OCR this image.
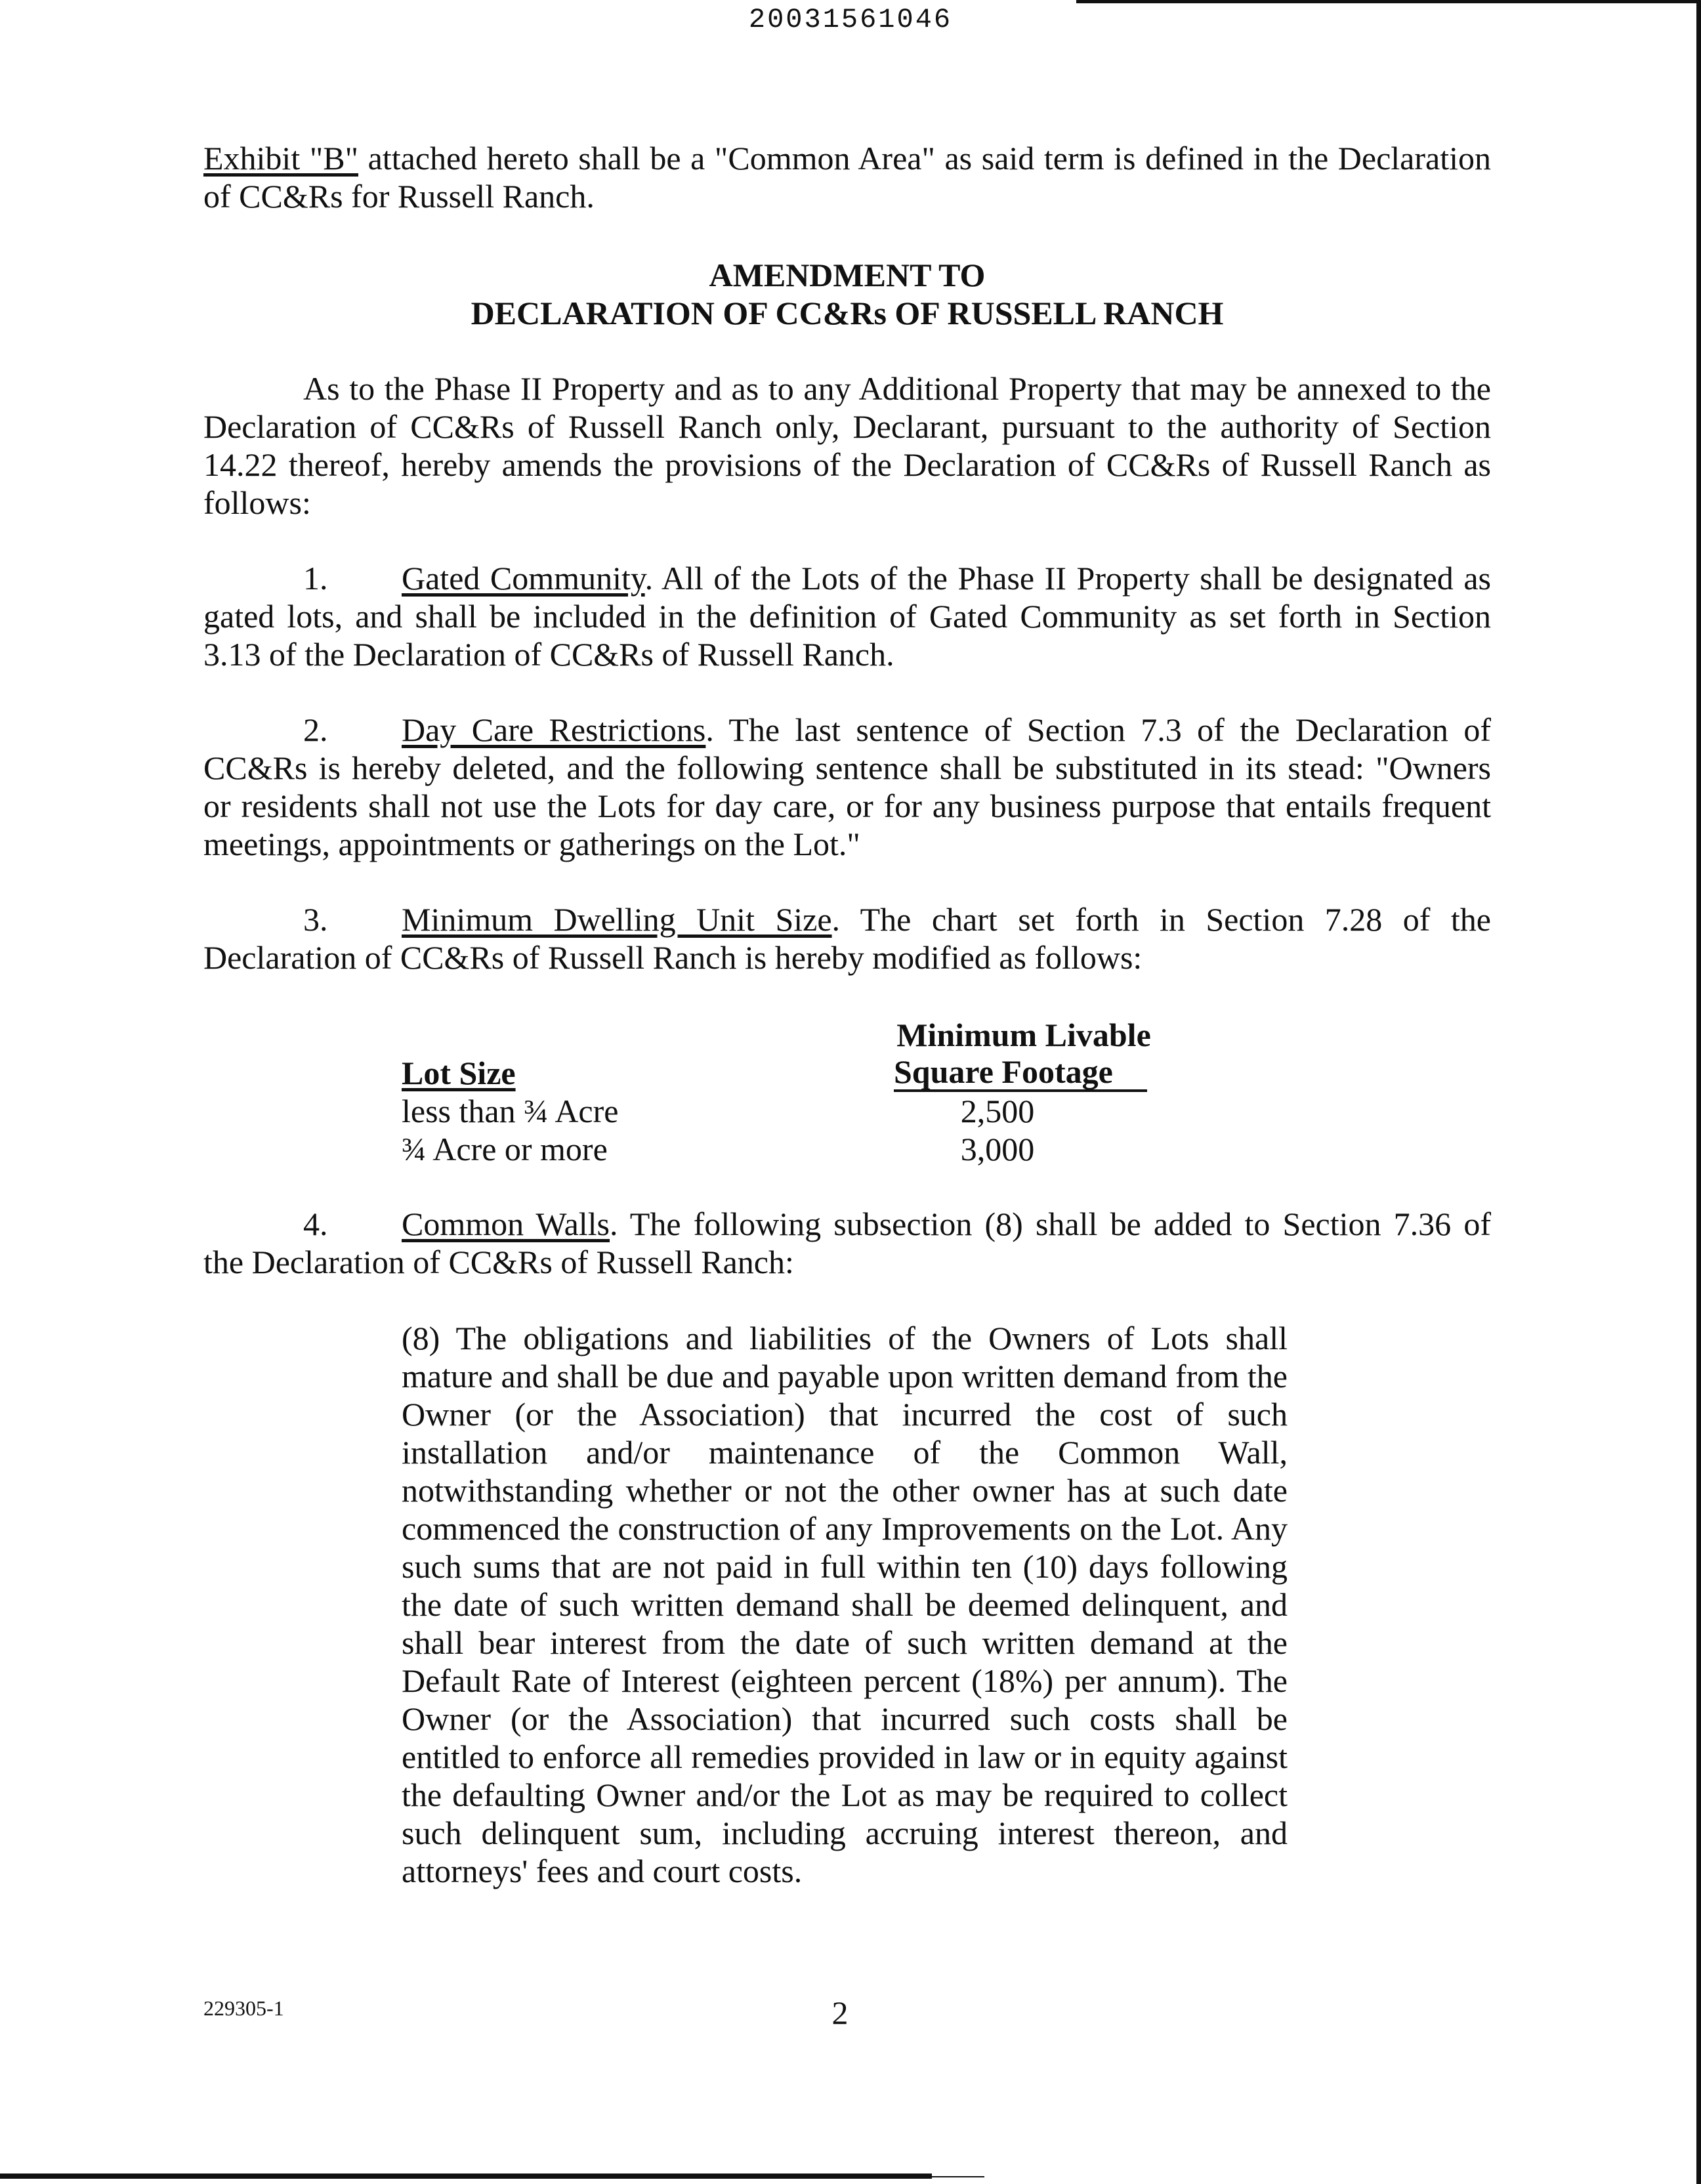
20031561046
Exhibit "B" attached hereto shall be a "Common Area" as said term is defined in the Declaration
of CC&Rs for Russell Ranch.
AMENDMENT TO
DECLARATION OF CC&Rs OF RUSSELL RANCH
As to the Phase II Property and as to any Additional Property that may be annexed to the
Declaration of CC&Rs of Russell Ranch only, Declarant, pursuant to the authority of Section
14.22 thereof, hereby amends the provisions of the Declaration of CC&Rs of Russell Ranch as
follows:
1. Gated Community. All of the Lots of the Phase II Property shall be designated as
gated lots, and shall be included in the definition of Gated Community as set forth in Section
3.13 of the Declaration of CC&Rs of Russell Ranch.
2. Day Care Restrictions. The last sentence of Section 7.3 of the Declaration of
CC&Rs is hereby deleted, and the following sentence shall be substituted in its stead: "Owners
or residents shall not use the Lots for day care, or for any business purpose that entails frequent
meetings, appointments or gatherings on the Lot."
3. Minimum Dwelling Unit Size. The chart set forth in Section 7.28 of the
Declaration of CC&Rs of Russell Ranch is hereby modified as follows:
Minimum Livable
Lot Size	Square Footage
less than ¾ Acre	2,500
¾ Acre or more	3,000
4. Common Walls. The following subsection (8) shall be added to Section 7.36 of
the Declaration of CC&Rs of Russell Ranch:
(8) The obligations and liabilities of the Owners of Lots shall
mature and shall be due and payable upon written demand from the
Owner (or the Association) that incurred the cost of such
installation and/or maintenance of the Common Wall,
notwithstanding whether or not the other owner has at such date
commenced the construction of any Improvements on the Lot. Any
such sums that are not paid in full within ten (10) days following
the date of such written demand shall be deemed delinquent, and
shall bear interest from the date of such written demand at the
Default Rate of Interest (eighteen percent (18%) per annum). The
Owner (or the Association) that incurred such costs shall be
entitled to enforce all remedies provided in law or in equity against
the defaulting Owner and/or the Lot as may be required to collect
such delinquent sum, including accruing interest thereon, and
attorneys' fees and court costs.
229305-1	2
